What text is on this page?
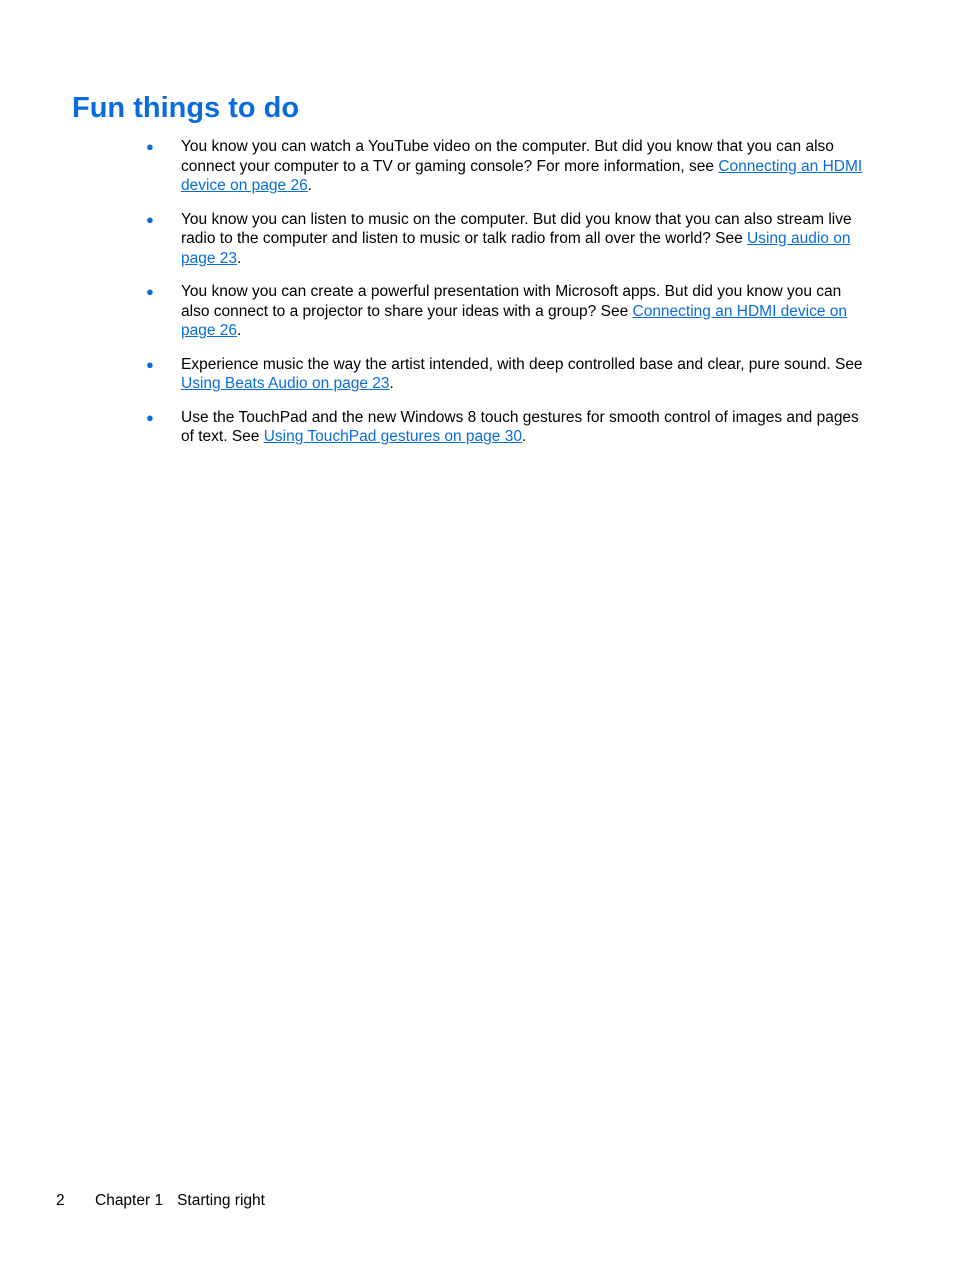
Fun things to do
● You know you can watch a YouTube video on the computer. But did you know that you can also connect your computer to a TV or gaming console? For more information, see Connecting an HDMI device on page 26.
● You know you can listen to music on the computer. But did you know that you can also stream live radio to the computer and listen to music or talk radio from all over the world? See Using audio on page 23.
● You know you can create a powerful presentation with Microsoft apps. But did you know you can also connect to a projector to share your ideas with a group? See Connecting an HDMI device on page 26.
● Experience music the way the artist intended, with deep controlled base and clear, pure sound. See Using Beats Audio on page 23.
● Use the TouchPad and the new Windows 8 touch gestures for smooth control of images and pages of text. See Using TouchPad gestures on page 30.
2 Chapter 1 Starting right
